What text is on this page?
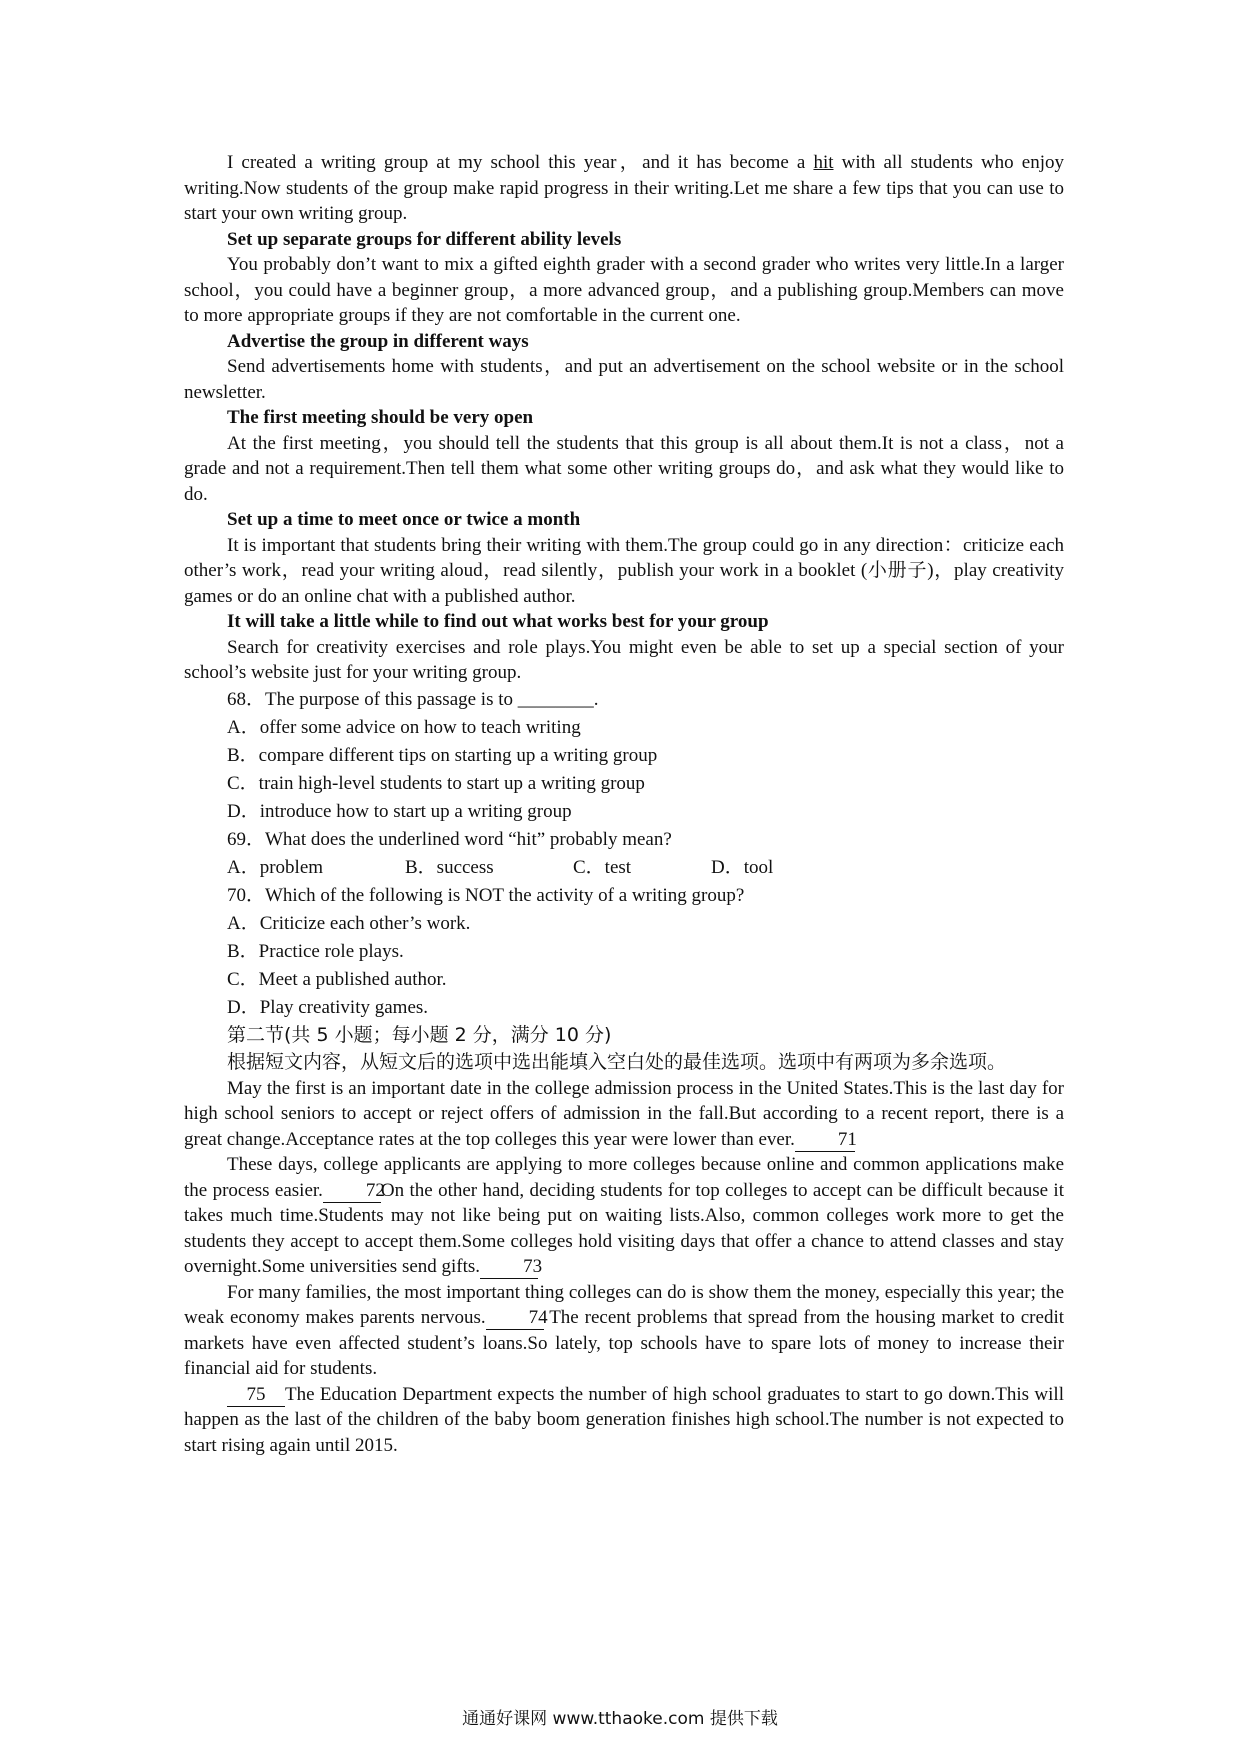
I created a writing group at my school this year，and it has become a hit with all students who enjoy writing.Now students of the group make rapid progress in their writing.Let me share a few tips that you can use to start your own writing group.

Set up separate groups for different ability levels

You probably don’t want to mix a gifted eighth grader with a second grader who writes very little.In a larger school，you could have a beginner group，a more advanced group，and a publishing group.Members can move to more appropriate groups if they are not comfortable in the current one.

Advertise the group in different ways

Send advertisements home with students，and put an advertisement on the school website or in the school newsletter.

The first meeting should be very open

At the first meeting，you should tell the students that this group is all about them.It is not a class，not a grade and not a requirement.Then tell them what some other writing groups do，and ask what they would like to do.

Set up a time to meet once or twice a month

It is important that students bring their writing with them.The group could go in any direction：criticize each other’s work，read your writing aloud，read silently，publish your work in a booklet (小册子)，play creativity games or do an online chat with a published author.

It will take a little while to find out what works best for your group

Search for creativity exercises and role plays.You might even be able to set up a special section of your school’s website just for your writing group.

68．The purpose of this passage is to ________.

A．offer some advice on how to teach writing

B．compare different tips on starting up a writing group

C．train high-level students to start up a writing group

D．introduce how to start up a writing group

69．What does the underlined word “hit” probably mean?

A．problem	B．success	C．test	D．tool

70．Which of the following is NOT the activity of a writing group?

A．Criticize each other’s work.

B．Practice role plays.

C．Meet a published author.

D．Play creativity games.

第二节(共 5 小题；每小题 2 分，满分 10 分)

根据短文内容，从短文后的选项中选出能填入空白处的最佳选项。选项中有两项为多余选项。

May the first is an important date in the college admission process in the United States.This is the last day for high school seniors to accept or reject offers of admission in the fall.But according to a recent report, there is a great change.Acceptance rates at the top colleges this year were lower than ever. 71

These days, college applicants are applying to more colleges because online and common applications make the process easier. 72On the other hand, deciding students for top colleges to accept can be difficult because it takes much time.Students may not like being put on waiting lists.Also, common colleges work more to get the students they accept to accept them.Some colleges hold visiting days that offer a chance to attend classes and stay overnight.Some universities send gifts. 73

For many families, the most important thing colleges can do is show them the money, especially this year; the weak economy makes parents nervous. 74 The recent problems that spread from the housing market to credit markets have even affected student’s loans.So lately, top schools have to spare lots of money to increase their financial aid for students.

75 The Education Department expects the number of high school graduates to start to go down.This will happen as the last of the children of the baby boom generation finishes high school.The number is not expected to start rising again until 2015.

通通好课网 www.tthaoke.com 提供下载
